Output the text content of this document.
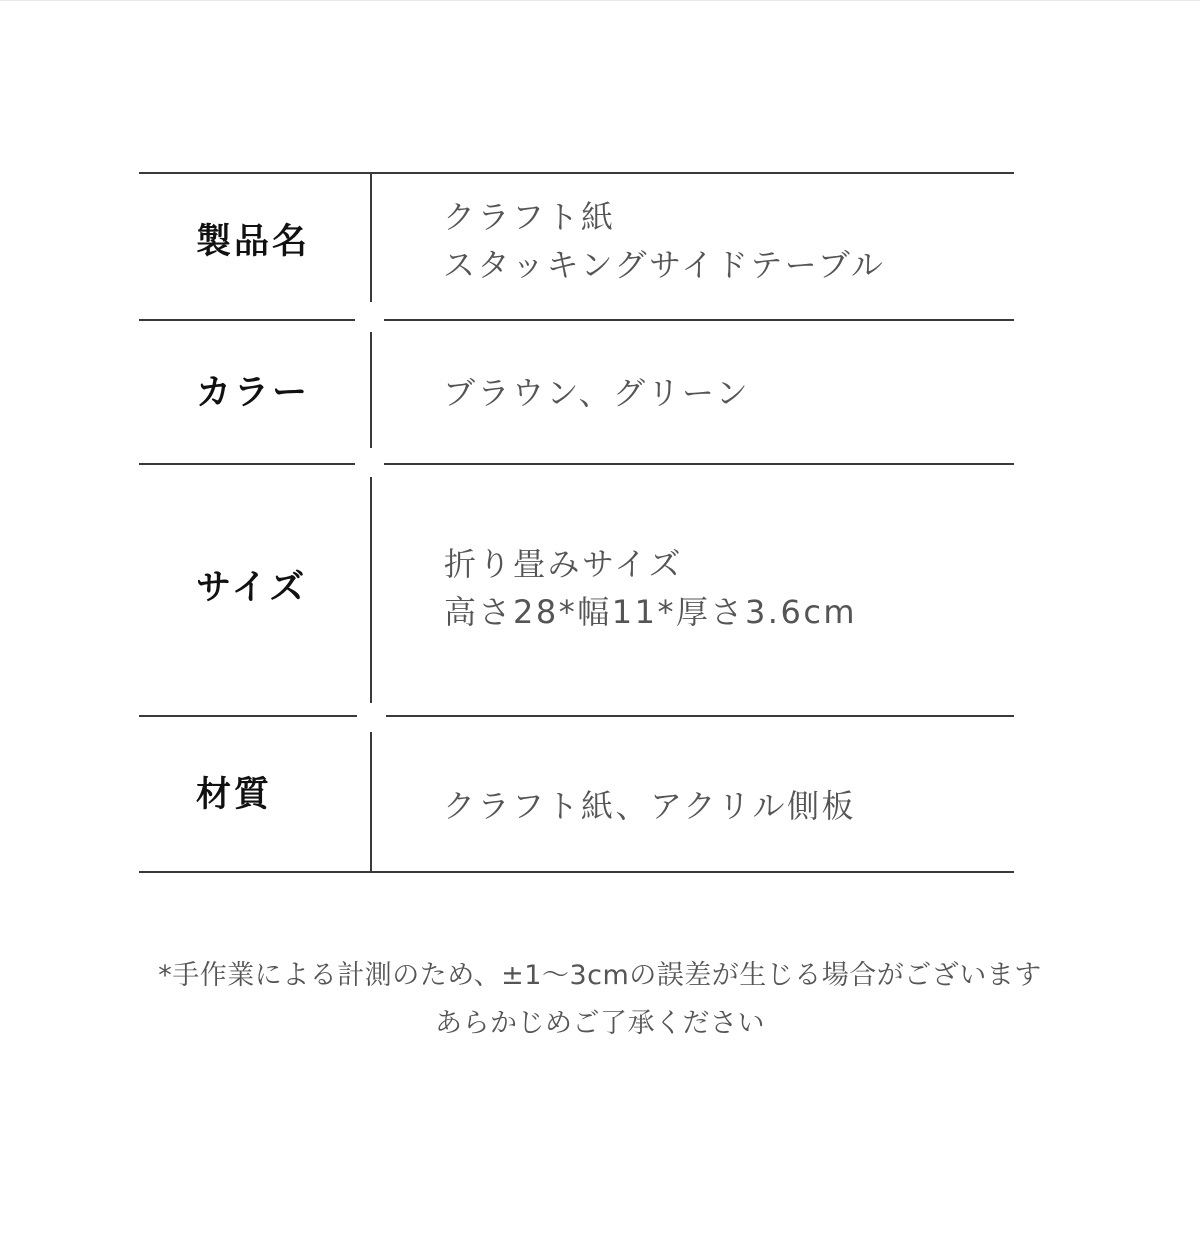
製品名
クラフト紙
スタッキングサイドテーブル
カラー	ブラウン、グリーン
サイズ
折り畳みサイズ
高さ28*幅11*厚さ3.6cm
材質	クラフト紙、アクリル側板
*手作業による計測のため、±1〜3cmの誤差が生じる場合がございます
あらかじめご了承ください
